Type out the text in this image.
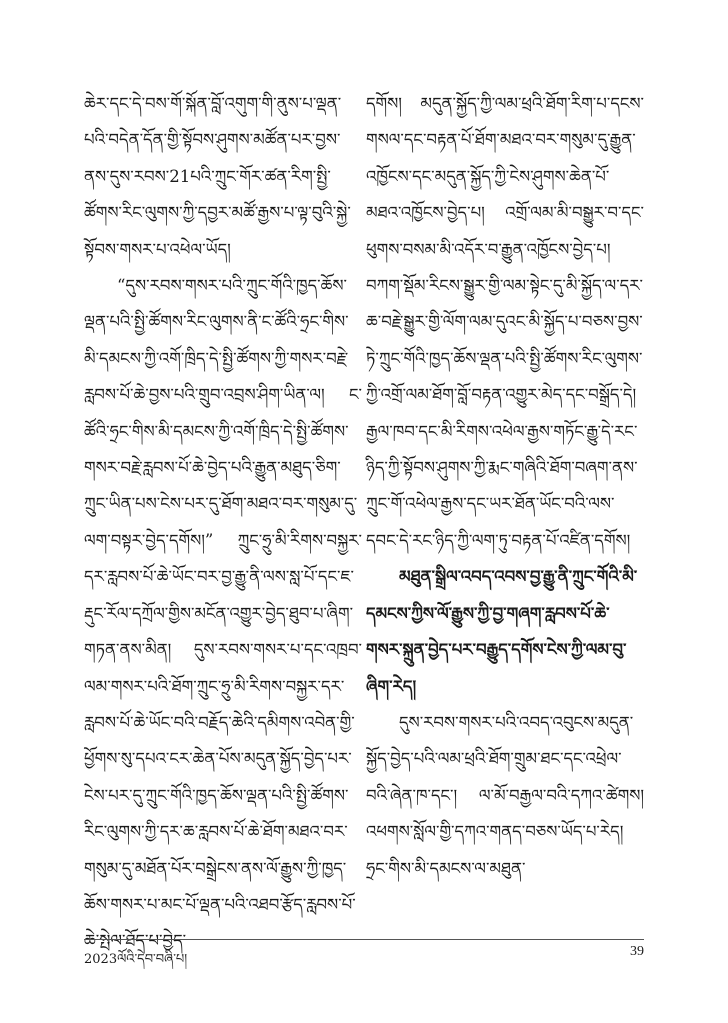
ཆེར་དང་དེ་བས་གོ་སྐོན་བློ་འགུག་གི་ནུས་པ་ལྡན་པའི་བདེན་དོན་གྱི་སྟོབས་ཤུགས་མཚོན་པར་བྱས་ནས་དུས་རབས་21པའི་ཀྲུང་གོར་ཚན་རིག་སྤྱི་ཚོགས་རིང་ལུགས་ཀྱི་དབྱར་མཚོ་རྒྱས་པ་ལྟ་བུའི་སྐྱེ་སྟོབས་གསར་པ་འཕེལ་ཡོད།

“དུས་རབས་གསར་པའི་ཀྲུང་གོའི་ཁྱད་ཆོས་ལྡན་པའི་སྤྱི་ཚོགས་རིང་ལུགས་ནི་ང་ཚོའི་ཧྲང་གིས་མི་དམངས་ཀྱི་འགོ་ཁྲིད་དེ་སྤྱི་ཚོགས་ཀྱི་གསར་བརྗེ་རླབས་པོ་ཆེ་བྱས་པའི་གྲུབ་འབྲས་ཤིག་ཡིན་ལ། ང་ཚོའི་ཧྲང་གིས་མི་དམངས་ཀྱི་འགོ་ཁྲིད་དེ་སྤྱི་ཚོགས་གསར་བརྗེ་རླབས་པོ་ཆེ་བྱེད་པའི་རྒྱུན་མཐུད་ཅིག་ཀྲུང་ཡིན་པས་ངེས་པར་དུ་ཐོག་མཐའ་བར་གསུམ་དུ་ལག་བསྟར་བྱེད་དགོས།” ཀྲུང་ཧྲུ་མི་རིགས་བསྐྱར་དར་རླབས་པོ་ཆེ་ཡོང་བར་བྱ་རྒྱུ་ནི་ལས་སླ་པོ་དང་ཇ་རྡུང་རོལ་དཀྲོལ་གྱིས་མངོན་འགྱུར་བྱེད་ཐུབ་པ་ཞིག་གཏན་ནས་མིན། དུས་རབས་གསར་པ་དང་འཁྲབ་ལམ་གསར་པའི་ཐོག་ཀྲུང་ཧྲུ་མི་རིགས་བསྐྱར་དར་རླབས་པོ་ཆེ་ཡོང་བའི་བརྗོད་ཆེའི་དམིགས་འབེན་གྱི་ཕྱོགས་སུ་དཔའ་ངར་ཆེན་པོས་མདུན་སྐྱོད་བྱེད་པར་ངེས་པར་དུ་ཀྲུང་གོའི་ཁྱད་ཆོས་ལྡན་པའི་སྤྱི་ཚོགས་རིང་ལུགས་ཀྱི་དར་ཆ་རླབས་པོ་ཆེ་ཐོག་མཐའ་བར་གསུམ་དུ་མཐོན་པོར་བསྒྲེངས་ནས་ལོ་རྒྱུས་ཀྱི་ཁྱད་ཆོས་གསར་པ་མང་པོ་ལྡན་པའི་འཐབ་རྩོད་རླབས་པོ་ཆེ་སྤེལ་ཐོད་པ་བྱེད་

དགོས། མདུན་སྐྱོད་ཀྱི་ལམ་ཕྲའི་ཐོག་རིག་པ་དངས་གསལ་དང་བརྟན་པོ་ཐོག་མཐའ་བར་གསུམ་དུ་རྒྱུན་འཁྱོངས་དང་མདུན་སྐྱོད་ཀྱི་ངེས་ཤུགས་ཆེན་པོ་མཐའ་འཁྱོངས་བྱེད་པ། འགྲོ་ལམ་མི་བསྒྱུར་བ་དང་ཕུགས་བསམ་མི་འདོར་བ་རྒྱུན་འཁྱོངས་བྱེད་པ། བཀག་སྡོམ་རིངས་སྒྱུར་གྱི་ལམ་སྟེང་དུ་མི་སྐྱོད་ལ་དར་ཆ་བརྗེ་སྒྱུར་གྱི་ལོག་ལམ་དུའང་མི་སྐྱོད་པ་བཅས་བྱས་ཏེ་ཀྲུང་གོའི་ཁྱད་ཆོས་ལྡན་པའི་སྤྱི་ཚོགས་རིང་ལུགས་ཀྱི་འགྲོ་ལམ་ཐོག་བློ་བརྟན་འགྱུར་མེད་དང་བསྒྲོད་དེ། རྒྱལ་ཁབ་དང་མི་རིགས་འཕེལ་རྒྱས་གཏོང་རྒྱུ་དེ་རང་ཉིད་ཀྱི་སྟོབས་ཤུགས་ཀྱི་རྨང་གཞིའི་ཐོག་བཞག་ནས་ཀྲུང་གོ་འཕེལ་རྒྱས་དང་ཡར་ཐོན་ཡོང་བའི་ལས་དབང་དེ་རང་ཉིད་ཀྱི་ལག་ཏུ་བརྟན་པོ་འཛིན་དགོས།

མཐུན་སྒྲིལ་འབད་འབས་བྱ་རྒྱུ་ནི་ཀྲུང་གོའི་མི་དམངས་ཀྱིས་ལོ་རྒྱུས་ཀྱི་བྱ་གཞག་རླབས་པོ་ཆེ་གསར་སྐྲུན་བྱེད་པར་བརྒྱུད་དགོས་ངེས་ཀྱི་ལམ་བུ་ཞིག་རེད།

དུས་རབས་གསར་པའི་འབད་འབུངས་མདུན་སྐྱོད་བྱེད་པའི་ལམ་ཕྲའི་ཐོག་གྲུམ་ཐང་དང་འཕྲེལ་བའི་ཞེན་ཁ་དང་། ལ་མོ་བརྒྱལ་བའི་དཀའ་ཚེགས། འཕགས་སློལ་གྱི་དཀའ་གནད་བཅས་ཡོད་པ་རེད། ཧྲང་གིས་མི་དམངས་ལ་མཐུན་

2023ལོའི་དེབ་བཞི་པ།
39
